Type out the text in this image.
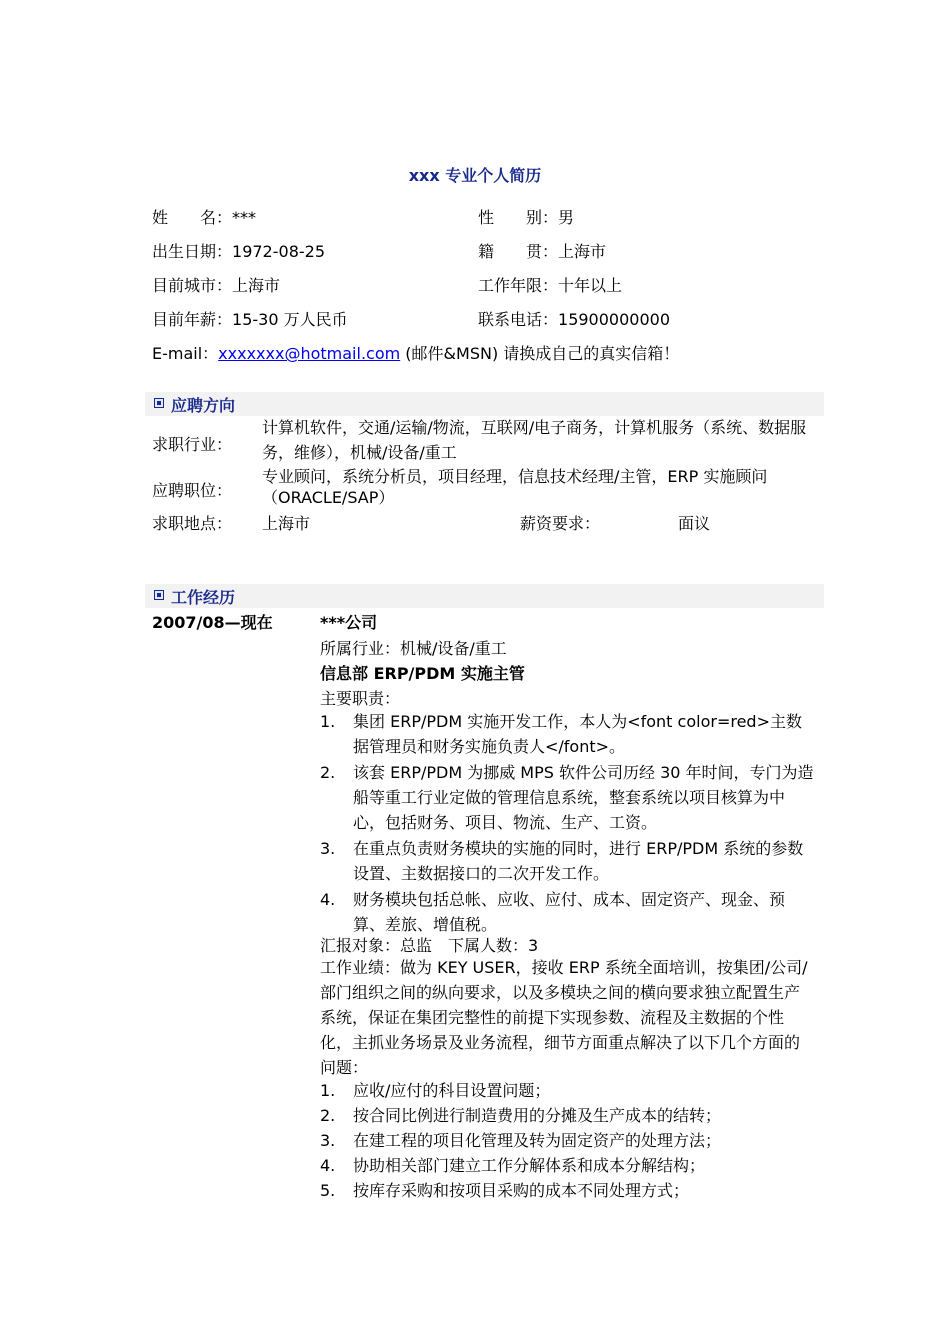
xxx 专业个人简历
姓　　名：***	性　　别：男
出生日期：1972-08-25	籍　　贯：上海市
目前城市：上海市	工作年限：十年以上
目前年薪：15-30 万人民币	联系电话：15900000000
E-mail：xxxxxxx@hotmail.com (邮件&MSN) 请换成自己的真实信箱！
应聘方向
求职行业：
计算机软件，交通/运输/物流，互联网/电子商务，计算机服务（系统、数据服务，维修），机械/设备/重工
应聘职位：
专业顾问，系统分析员，项目经理，信息技术经理/主管，ERP 实施顾问（ORACLE/SAP）
求职地点： 上海市	薪资要求：	面议
工作经历
2007/08—现在	***公司
所属行业：机械/设备/重工
信息部 ERP/PDM 实施主管
主要职责：
1. 集团 ERP/PDM 实施开发工作，本人为<font color=red>主数据管理员和财务实施负责人</font>。
2. 该套 ERP/PDM 为挪威 MPS 软件公司历经 30 年时间，专门为造船等重工行业定做的管理信息系统，整套系统以项目核算为中心，包括财务、项目、物流、生产、工资。
3. 在重点负责财务模块的实施的同时，进行 ERP/PDM 系统的参数设置、主数据接口的二次开发工作。
4. 财务模块包括总帐、应收、应付、成本、固定资产、现金、预算、差旅、增值税。
汇报对象：总监　下属人数：3
工作业绩：做为 KEY USER，接收 ERP 系统全面培训，按集团/公司/部门组织之间的纵向要求，以及多模块之间的横向要求独立配置生产系统，保证在集团完整性的前提下实现参数、流程及主数据的个性化，主抓业务场景及业务流程，细节方面重点解决了以下几个方面的问题：
1. 应收/应付的科目设置问题；
2. 按合同比例进行制造费用的分摊及生产成本的结转；
3. 在建工程的项目化管理及转为固定资产的处理方法；
4. 协助相关部门建立工作分解体系和成本分解结构；
5. 按库存采购和按项目采购的成本不同处理方式；
